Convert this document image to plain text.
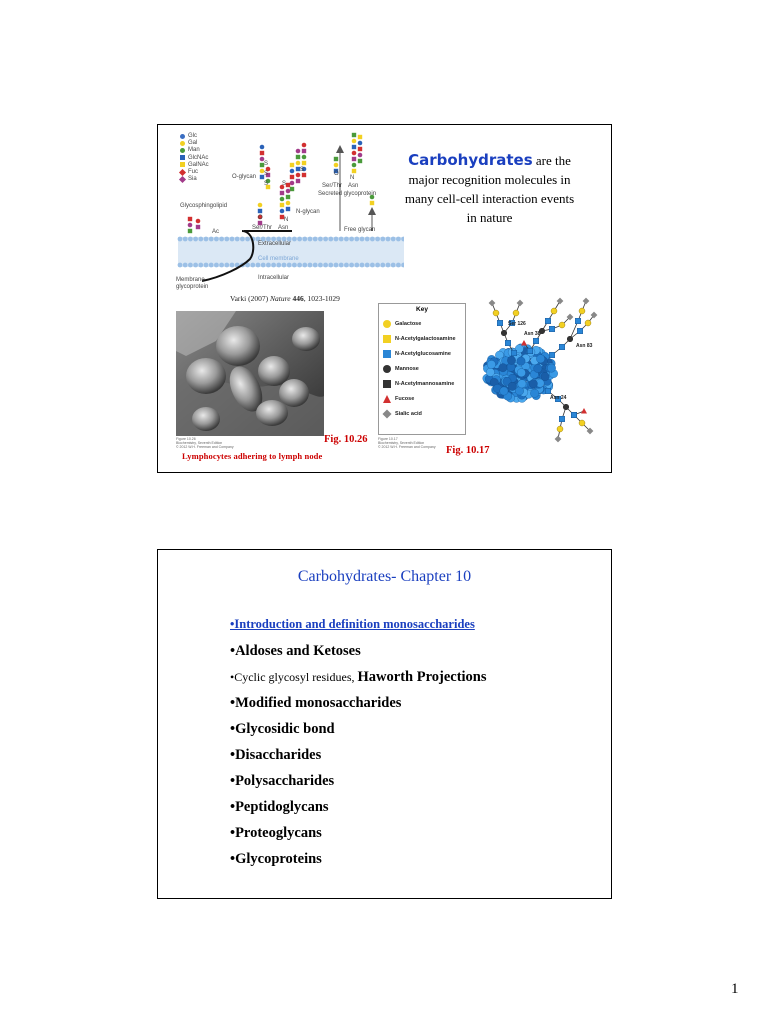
Glc
Gal
Man
GlcNAc
GalNAc
Fuc
Sia	O-glycan
Ser/Thr Asn
Secreted glycoprotein
Glycosphingolipid
N-glycan
Ser/Thr Asn	Free glycan
Ac
Extracellular
Cell membrane
Intracellular
Membrane glycoprotein
O
N
O	N
S
S
S S
S
Carbohydrates are the major recognition molecules in many cell-cell interaction events in nature
Varki (2007) Nature 446, 1023-1029
Figure 10.26
Biochemistry, Seventh Edition
© 2012 W.H. Freeman and Company
Fig. 10.26
Lymphocytes adhering to lymph node
Key
Galactose
N-Acetylgalactosamine
N-Acetylglucosamine
Mannose
N-Acetylmannosamine
Fucose
Sialic acid
Ser 126
Asn 38
Asn 83
Asn 24
Figure 10.17
Biochemistry, Seventh Edition
© 2012 W.H. Freeman and Company Fig. 10.17
Carbohydrates- Chapter 10
•Introduction and definition monosaccharides
•Aldoses and Ketoses
•Cyclic glycosyl residues, Haworth Projections
•Modified monosaccharides
•Glycosidic bond
•Disaccharides
•Polysaccharides
•Peptidoglycans
•Proteoglycans
•Glycoproteins
1
